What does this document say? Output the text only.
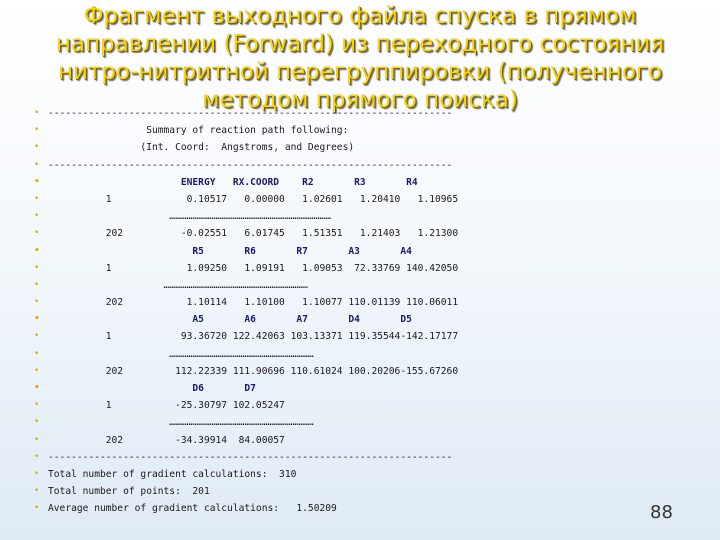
Фрагмент выходного файла спуска в прямом
направлении (Forward) из переходного состояния
нитро-нитритной перегруппировки (полученного
методом прямого поиска)
• ----------------------------------------------------------------------
• Summary of reaction path following:
• (Int. Coord:  Angstroms, and Degrees)
• ----------------------------------------------------------------------
• ENERGY   RX.COORD    R2       R3       R4
• 1             0.10517   0.00000   1.02601   1.20410   1.10965
• …………………………………………………………………………
• 202          -0.02551   6.01745   1.51351   1.21403   1.21300
• R5       R6       R7       A3       A4
• 1             1.09250   1.09191   1.09053  72.33769 140.42050
• …………………………………………………………………
• 202           1.10114   1.10100   1.10077 110.01139 110.06011
• A5       A6       A7       D4       D5
• 1            93.36720 122.42063 103.13371 119.35544-142.17177
• …………………………………………………………………
• 202         112.22339 111.90696 110.61024 100.20206-155.67260
• D6       D7
• 1           -25.30797 102.05247
• …………………………………………………………………
• 202         -34.39914  84.00057
• ----------------------------------------------------------------------
• Total number of gradient calculations:  310
• Total number of points:  201
• Average number of gradient calculations:   1.50209	88
